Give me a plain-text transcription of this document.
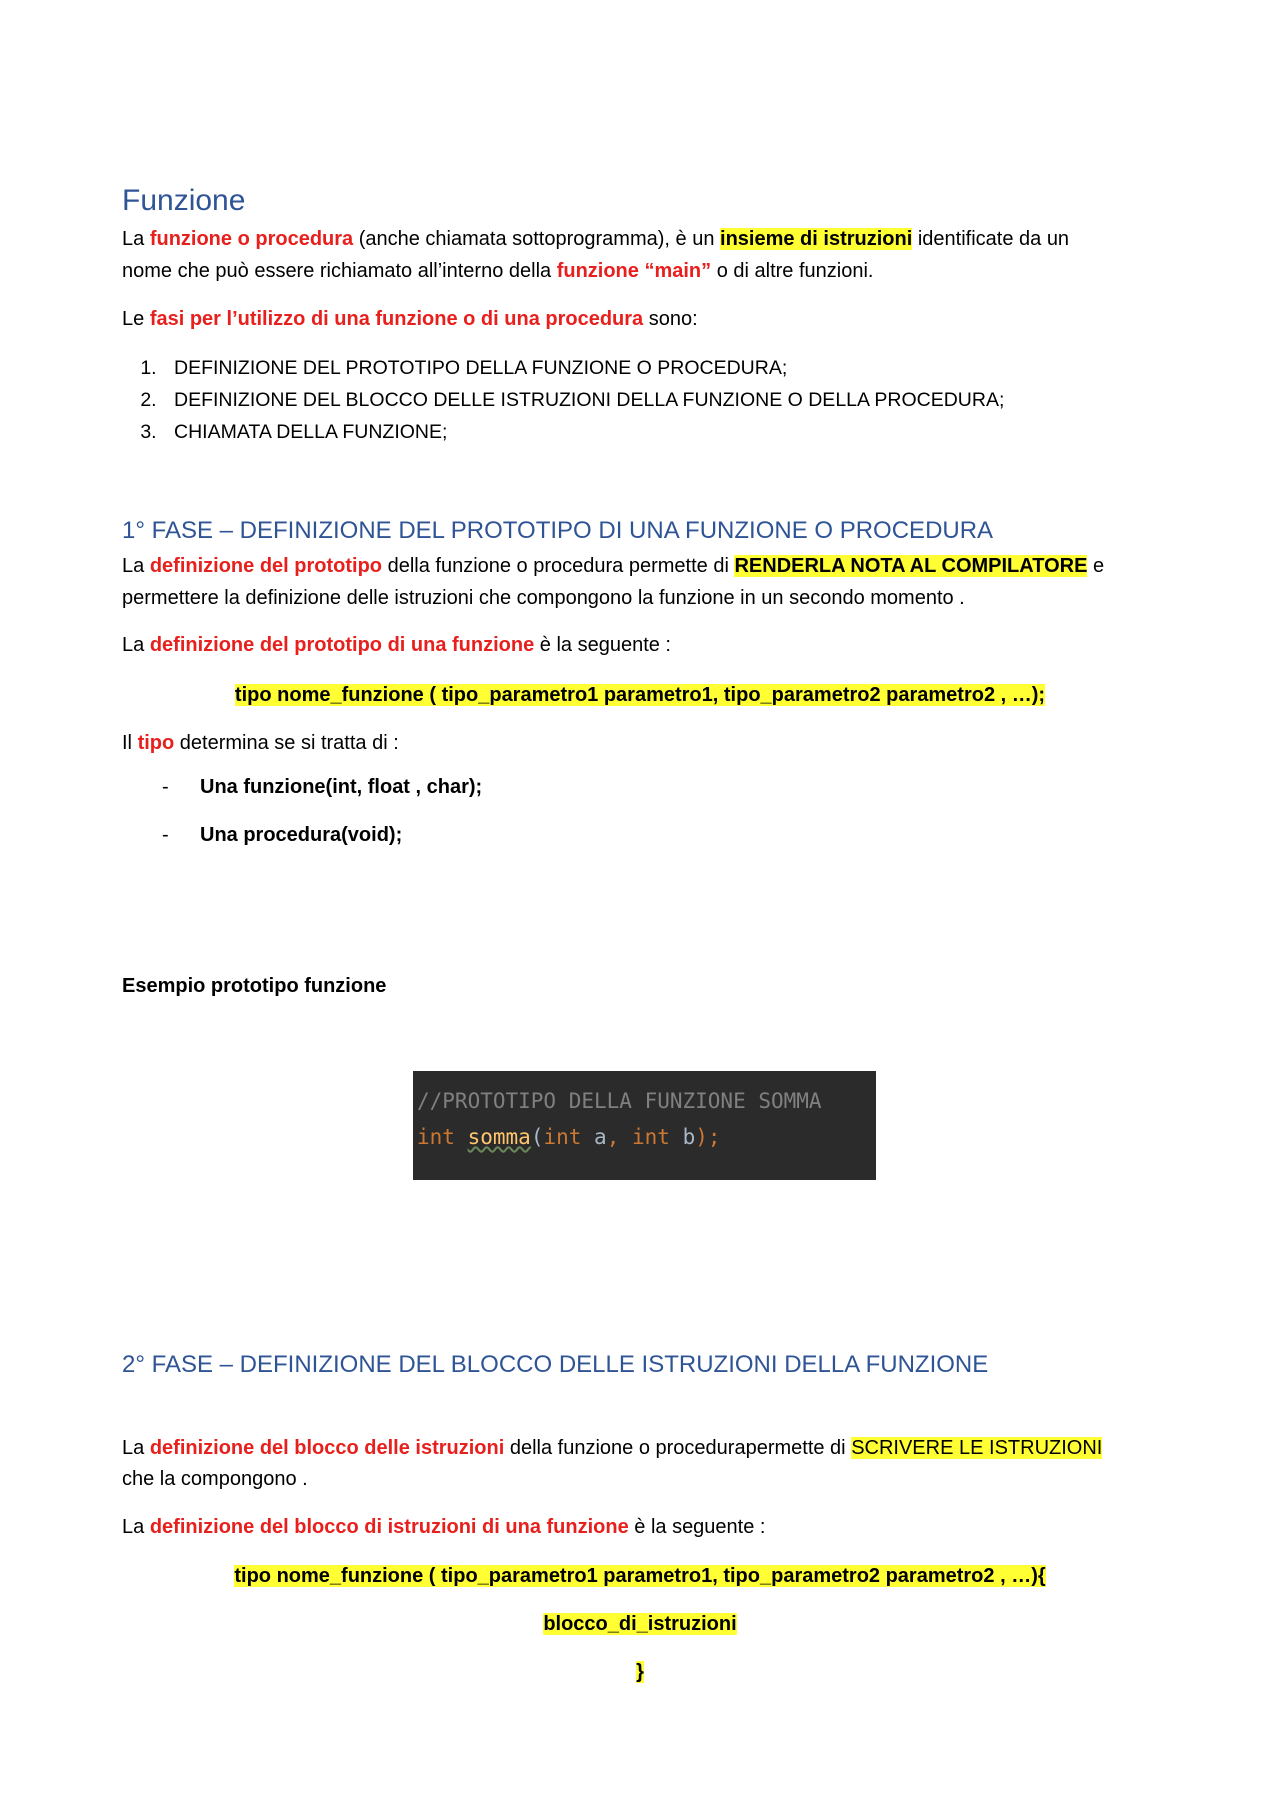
Funzione
La funzione o procedura (anche chiamata sottoprogramma), è un insieme di istruzioni identificate da un
nome che può essere richiamato all’interno della funzione “main” o di altre funzioni.
Le fasi per l’utilizzo di una funzione o di una procedura sono:
1. DEFINIZIONE DEL PROTOTIPO DELLA FUNZIONE O PROCEDURA;
2. DEFINIZIONE DEL BLOCCO DELLE ISTRUZIONI DELLA FUNZIONE O DELLA PROCEDURA;
3. CHIAMATA DELLA FUNZIONE;
1° FASE – DEFINIZIONE DEL PROTOTIPO DI UNA FUNZIONE O PROCEDURA
La definizione del prototipo della funzione o procedura permette di RENDERLA NOTA AL COMPILATORE e
permettere la definizione delle istruzioni che compongono la funzione in un secondo momento .
La definizione del prototipo di una funzione è la seguente :
tipo nome_funzione ( tipo_parametro1 parametro1, tipo_parametro2 parametro2 , …);
Il tipo determina se si tratta di :
- Una funzione(int, float , char);
- Una procedura(void);
Esempio prototipo funzione
//PROTOTIPO DELLA FUNZIONE SOMMA
int somma(int a, int b);
2° FASE – DEFINIZIONE DEL BLOCCO DELLE ISTRUZIONI DELLA FUNZIONE
La definizione del blocco delle istruzioni della funzione o procedurapermette di SCRIVERE LE ISTRUZIONI
che la compongono .
La definizione del blocco di istruzioni di una funzione è la seguente :
tipo nome_funzione ( tipo_parametro1 parametro1, tipo_parametro2 parametro2 , …){
blocco_di_istruzioni
}
